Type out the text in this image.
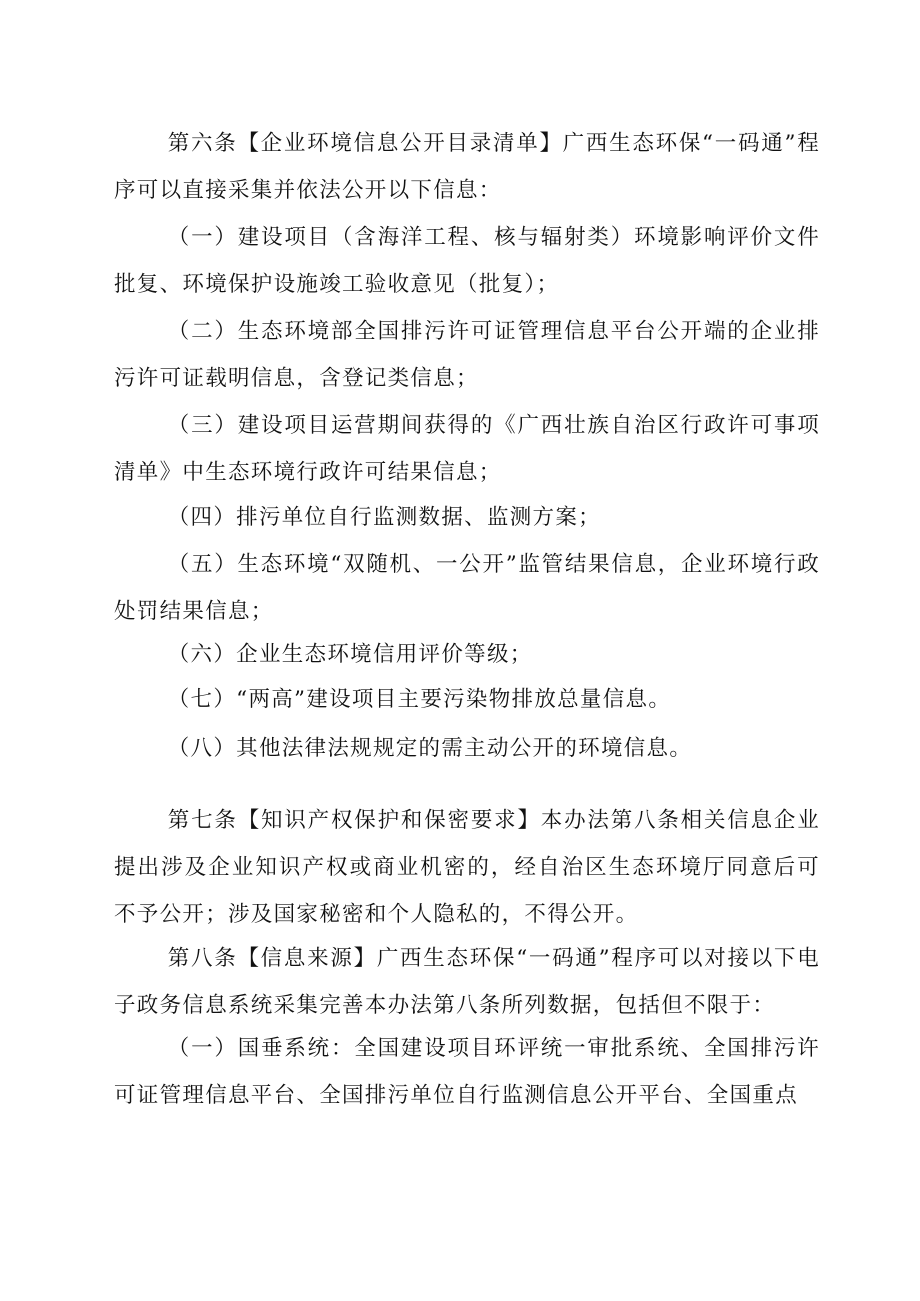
第六条【企业环境信息公开目录清单】广西生态环保“一码通”程序可以直接采集并依法公开以下信息：

（一）建设项目（含海洋工程、核与辐射类）环境影响评价文件批复、环境保护设施竣工验收意见（批复）；

（二）生态环境部全国排污许可证管理信息平台公开端的企业排污许可证载明信息，含登记类信息；

（三）建设项目运营期间获得的《广西壮族自治区行政许可事项清单》中生态环境行政许可结果信息；

（四）排污单位自行监测数据、监测方案；

（五）生态环境“双随机、一公开”监管结果信息，企业环境行政处罚结果信息；

（六）企业生态环境信用评价等级；

（七）“两高”建设项目主要污染物排放总量信息。

（八）其他法律法规规定的需主动公开的环境信息。

第七条【知识产权保护和保密要求】本办法第八条相关信息企业提出涉及企业知识产权或商业机密的，经自治区生态环境厅同意后可不予公开；涉及国家秘密和个人隐私的，不得公开。

第八条【信息来源】广西生态环保“一码通”程序可以对接以下电子政务信息系统采集完善本办法第八条所列数据，包括但不限于：

（一）国垂系统：全国建设项目环评统一审批系统、全国排污许可证管理信息平台、全国排污单位自行监测信息公开平台、全国重点
